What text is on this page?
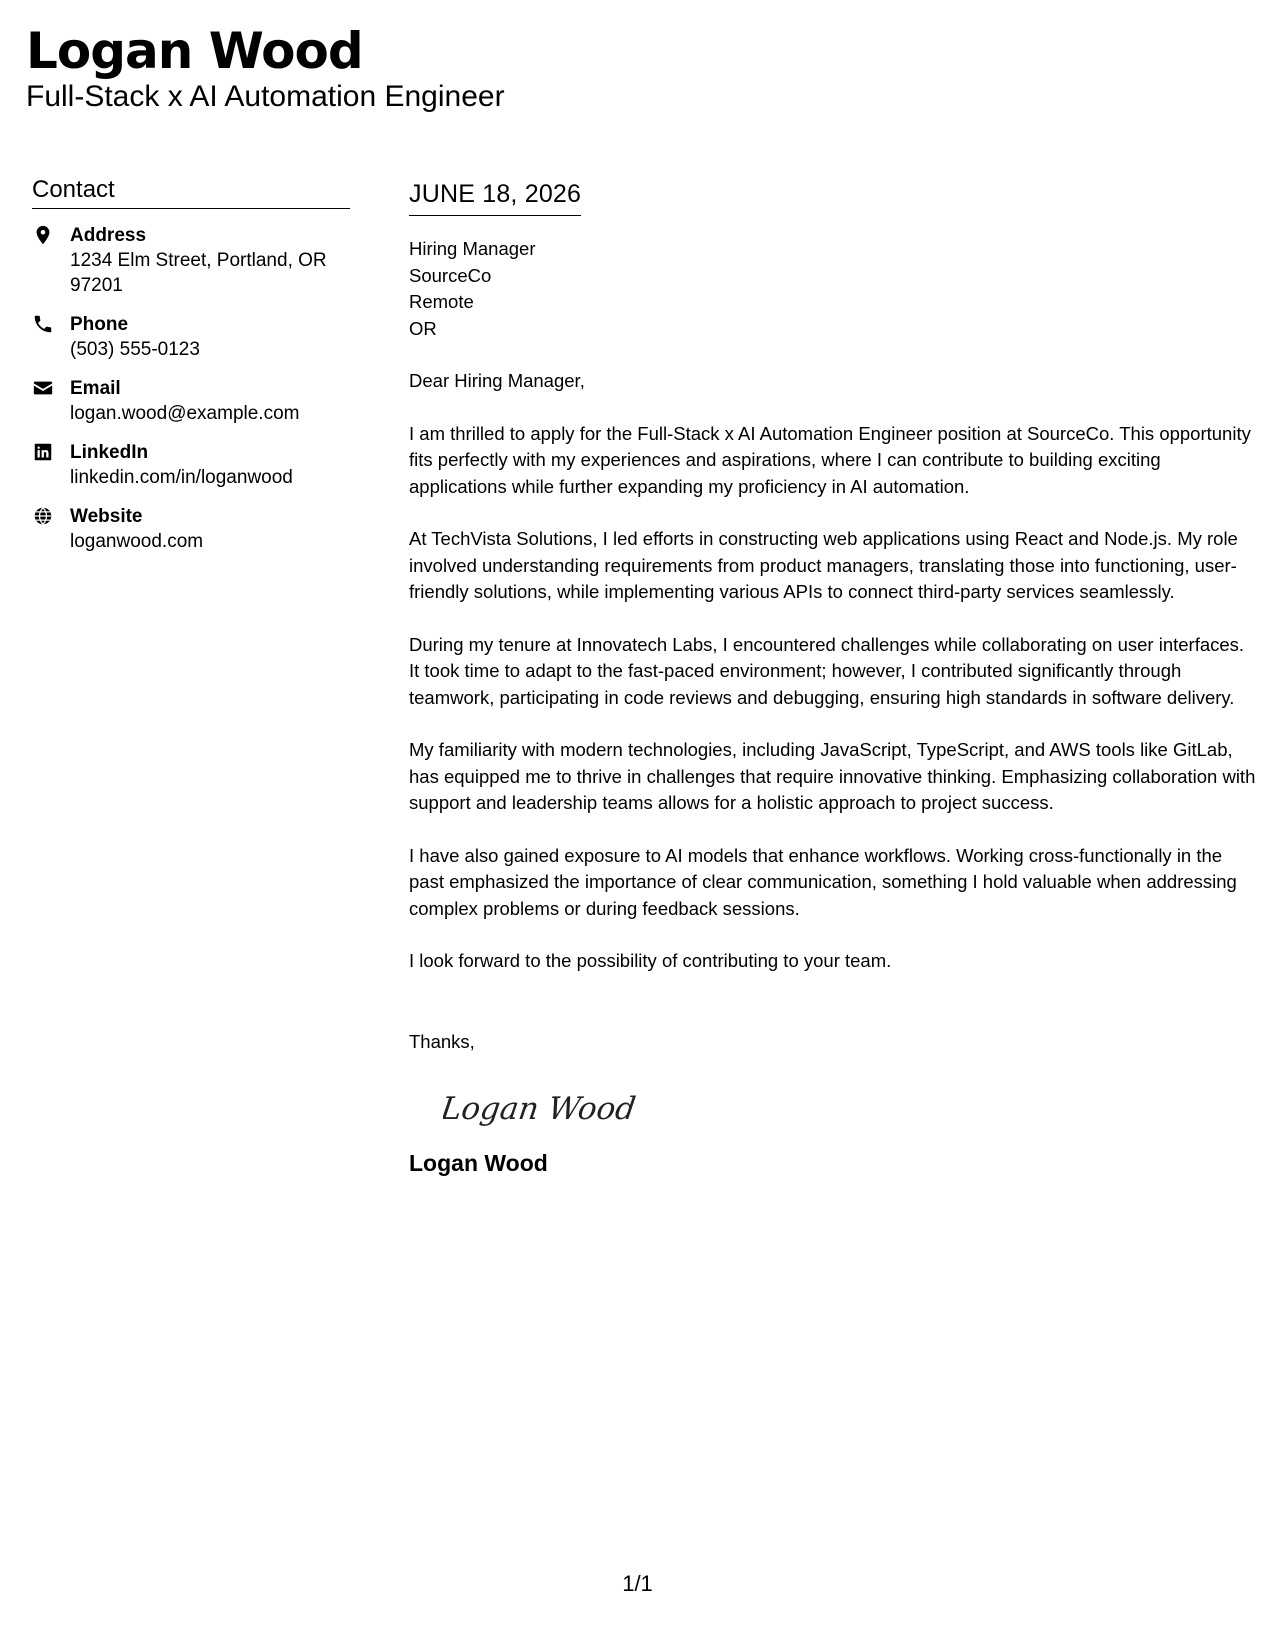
Logan Wood
Full-Stack x AI Automation Engineer
Contact
Address
1234 Elm Street, Portland, OR 97201
Phone
(503) 555-0123
Email
logan.wood@example.com
LinkedIn
linkedin.com/in/loganwood
Website
loganwood.com
JUNE 18, 2026
Hiring Manager
SourceCo
Remote
OR
Dear Hiring Manager,
I am thrilled to apply for the Full-Stack x AI Automation Engineer position at SourceCo. This opportunity fits perfectly with my experiences and aspirations, where I can contribute to building exciting applications while further expanding my proficiency in AI automation.
At TechVista Solutions, I led efforts in constructing web applications using React and Node.js. My role involved understanding requirements from product managers, translating those into functioning, user-friendly solutions, while implementing various APIs to connect third-party services seamlessly.
During my tenure at Innovatech Labs, I encountered challenges while collaborating on user interfaces. It took time to adapt to the fast-paced environment; however, I contributed significantly through teamwork, participating in code reviews and debugging, ensuring high standards in software delivery.
My familiarity with modern technologies, including JavaScript, TypeScript, and AWS tools like GitLab, has equipped me to thrive in challenges that require innovative thinking. Emphasizing collaboration with support and leadership teams allows for a holistic approach to project success.
I have also gained exposure to AI models that enhance workflows. Working cross-functionally in the past emphasized the importance of clear communication, something I hold valuable when addressing complex problems or during feedback sessions.
I look forward to the possibility of contributing to your team.
Thanks,
Logan Wood
Logan Wood
1/1
